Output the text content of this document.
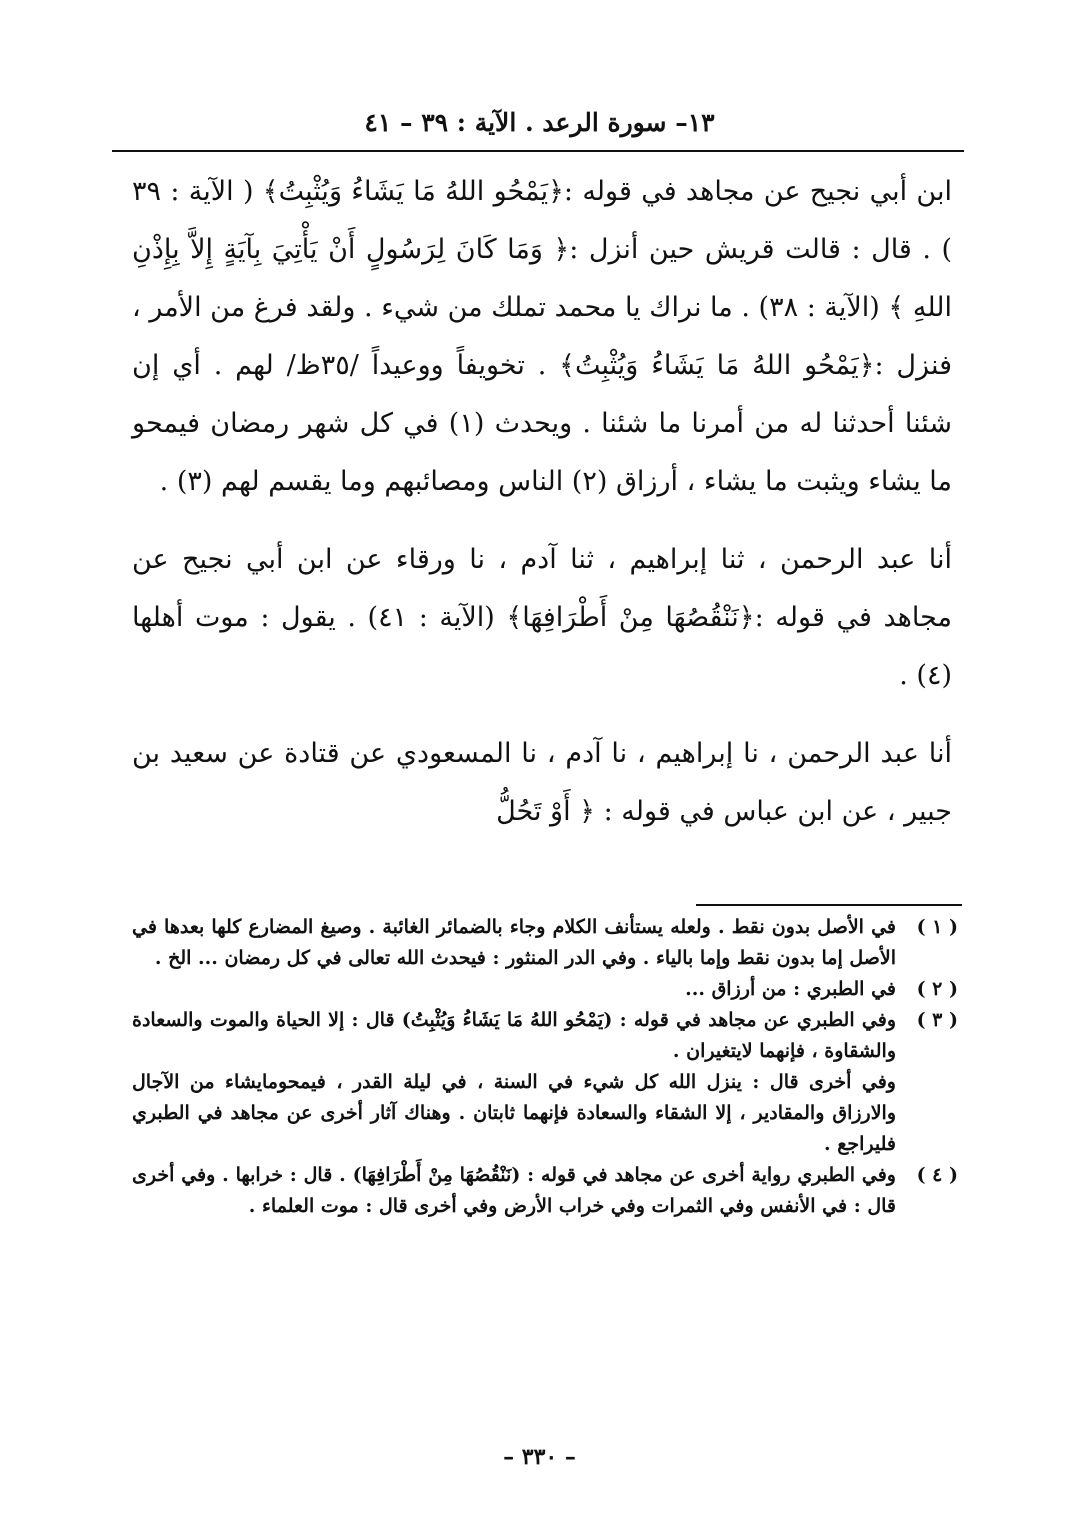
١٣– سورة الرعد . الآية : ٣٩ – ٤١

ابن أبي نجيح عن مجاهد في قوله :﴿يَمْحُو اللهُ مَا يَشَاءُ وَيُثْبِتُ﴾ ( الآية : ٣٩ ) . قال : قالت قريش حين أنزل :﴿ وَمَا كَانَ لِرَسُولٍ أَنْ يَأْتِيَ بِآيَةٍ إِلاَّ بِإِذْنِ اللهِ ﴾ (الآية : ٣٨) . ما نراك يا محمد تملك من شيء . ولقد فرغ من الأمر ، فنزل :﴿يَمْحُو اللهُ مَا يَشَاءُ وَيُثْبِتُ﴾ . تخويفاً ووعيداً /٣٥ظ/ لهم . أي إن شئنا أحدثنا له من أمرنا ما شئنا . ويحدث (١) في كل شهر رمضان فيمحو ما يشاء ويثبت ما يشاء ، أرزاق (٢) الناس ومصائبهم وما يقسم لهم (٣) .

أنا عبد الرحمن ، ثنا إبراهيم ، ثنا آدم ، نا ورقاء عن ابن أبي نجيح عن مجاهد في قوله :﴿نَنْقُصُهَا مِنْ أَطْرَافِهَا﴾ (الآية : ٤١) . يقول : موت أهلها (٤) .

أنا عبد الرحمن ، نا إبراهيم ، نا آدم ، نا المسعودي عن قتادة عن سعيد بن جبير ، عن ابن عباس في قوله : ﴿ أَوْ تَحُلُّ

( ١ )
في الأصل بدون نقط . ولعله يستأنف الكلام وجاء بالضمائر الغائبة . وصيغ المضارع كلها بعدها في الأصل إما بدون نقط وإما بالياء . وفي الدر المنثور : فيحدث الله تعالى في كل رمضان ... الخ .
( ٢ )
في الطبري : من أرزاق ...
( ٣ )
وفي الطبري عن مجاهد في قوله : (يَمْحُو اللهُ مَا يَشَاءُ وَيُثْبِتُ) قال : إلا الحياة والموت والسعادة والشقاوة ، فإنهما لايتغيران .

وفي أخرى قال : ينزل الله كل شيء في السنة ، في ليلة القدر ، فيمحومايشاء من الآجال والارزاق والمقادير ، إلا الشقاء والسعادة فإنهما ثابتان . وهناك آثار أخرى عن مجاهد في الطبري فليراجع .

( ٤ )
وفي الطبري رواية أخرى عن مجاهد في قوله : (نَنْقُصُهَا مِنْ أَطْرَافِهَا) . قال : خرابها . وفي أخرى قال : في الأنفس وفي الثمرات وفي خراب الأرض وفي أخرى قال : موت العلماء .
– ٣٣٠ –
